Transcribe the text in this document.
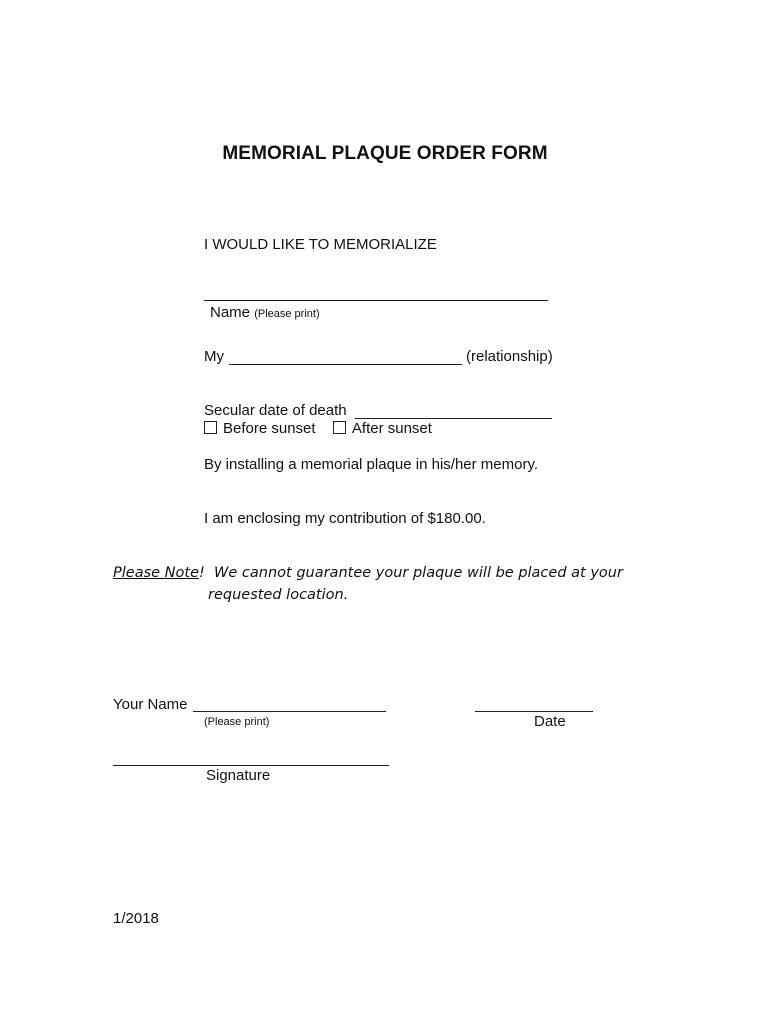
MEMORIAL PLAQUE ORDER FORM
I WOULD LIKE TO MEMORIALIZE
Name (Please print)
My	(relationship)
Secular date of death
Before sunset After sunset
By installing a memorial plaque in his/her memory.
I am enclosing my contribution of $180.00.
Please Note! We cannot guarantee your plaque will be placed at your
requested location.
Your Name
(Please print)	Date
Signature
1/2018
